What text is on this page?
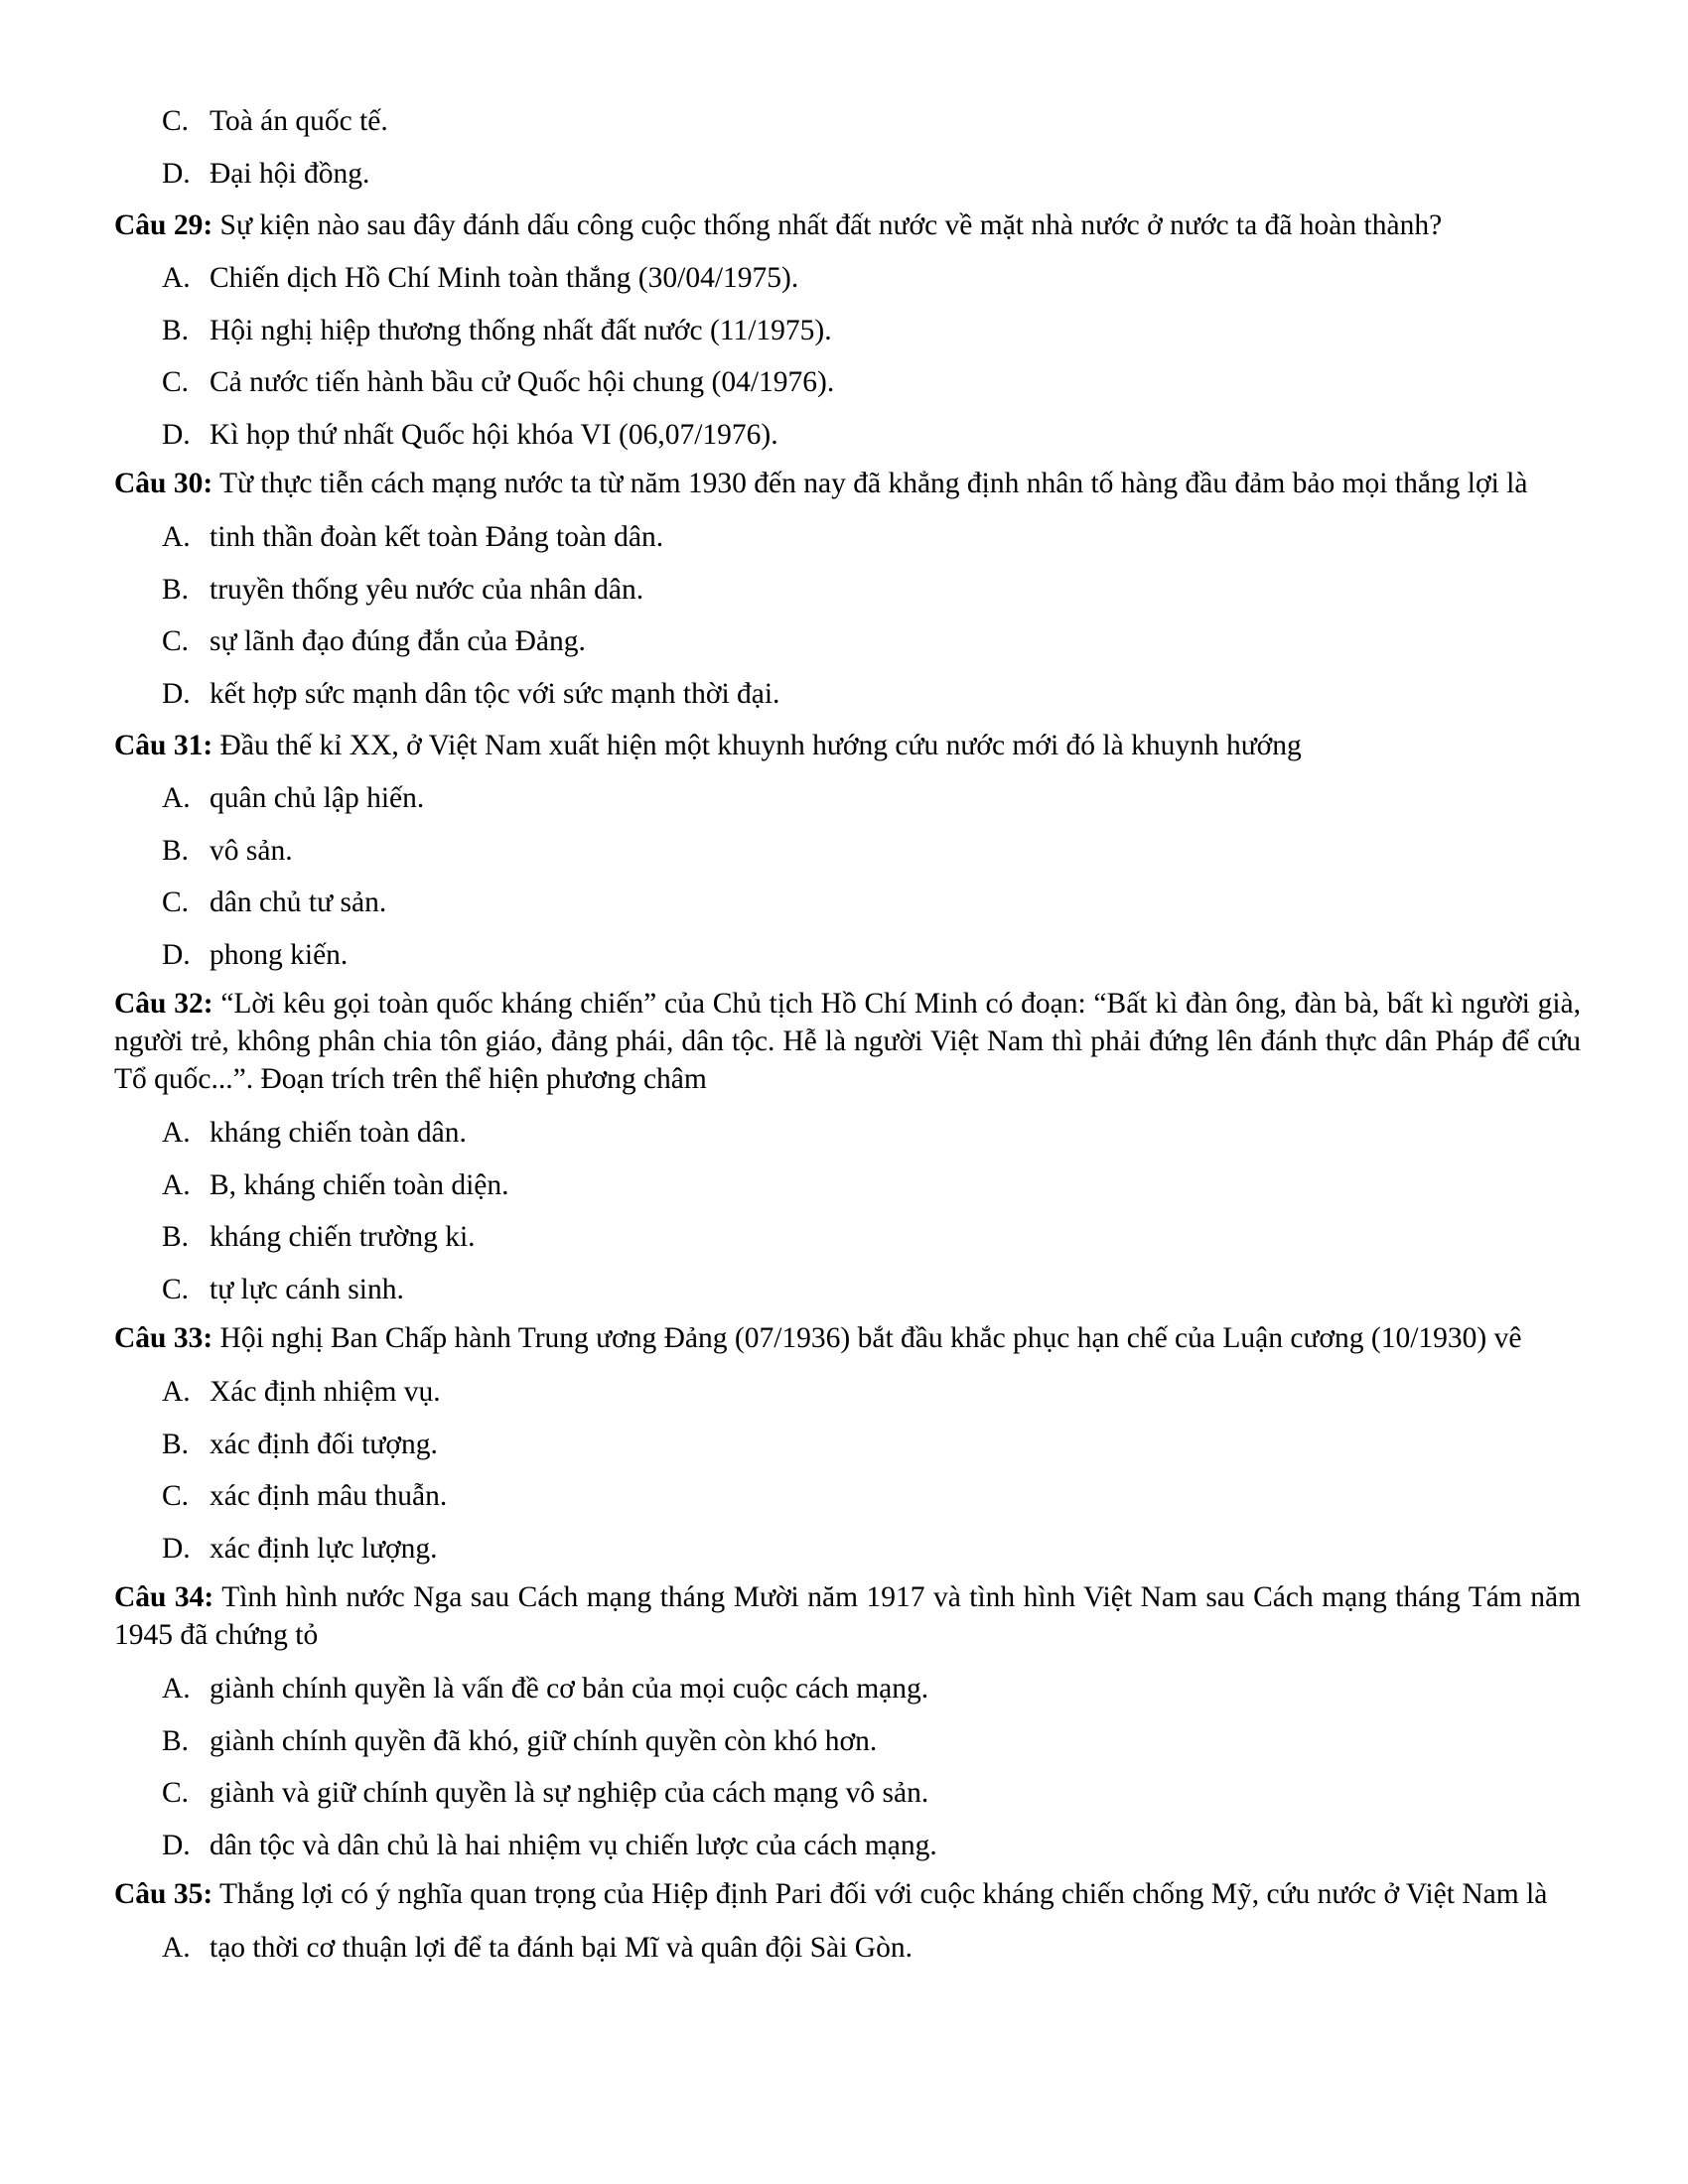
C. Toà án quốc tế.
D. Đại hội đồng.
Câu 29: Sự kiện nào sau đây đánh dấu công cuộc thống nhất đất nước về mặt nhà nước ở nước ta đã hoàn thành?
A. Chiến dịch Hồ Chí Minh toàn thắng (30/04/1975).
B. Hội nghị hiệp thương thống nhất đất nước (11/1975).
C. Cả nước tiến hành bầu cử Quốc hội chung (04/1976).
D. Kì họp thứ nhất Quốc hội khóa VI (06,07/1976).
Câu 30: Từ thực tiễn cách mạng nước ta từ năm 1930 đến nay đã khẳng định nhân tố hàng đầu đảm bảo mọi thắng lợi là
A. tinh thần đoàn kết toàn Đảng toàn dân.
B. truyền thống yêu nước của nhân dân.
C. sự lãnh đạo đúng đắn của Đảng.
D. kết hợp sức mạnh dân tộc với sức mạnh thời đại.
Câu 31: Đầu thế kỉ XX, ở Việt Nam xuất hiện một khuynh hướng cứu nước mới đó là khuynh hướng
A. quân chủ lập hiến.
B. vô sản.
C. dân chủ tư sản.
D. phong kiến.
Câu 32: “Lời kêu gọi toàn quốc kháng chiến” của Chủ tịch Hồ Chí Minh có đoạn: “Bất kì đàn ông, đàn bà, bất kì người già, người trẻ, không phân chia tôn giáo, đảng phái, dân tộc. Hễ là người Việt Nam thì phải đứng lên đánh thực dân Pháp để cứu Tổ quốc...”. Đoạn trích trên thể hiện phương châm
A. kháng chiến toàn dân.
A. B, kháng chiến toàn diện.
B. kháng chiến trường ki.
C. tự lực cánh sinh.
Câu 33: Hội nghị Ban Chấp hành Trung ương Đảng (07/1936) bắt đầu khắc phục hạn chế của Luận cương (10/1930) vê
A. Xác định nhiệm vụ.
B. xác định đối tượng.
C. xác định mâu thuẫn.
D. xác định lực lượng.
Câu 34: Tình hình nước Nga sau Cách mạng tháng Mười năm 1917 và tình hình Việt Nam sau Cách mạng tháng Tám năm 1945 đã chứng tỏ
A. giành chính quyền là vấn đề cơ bản của mọi cuộc cách mạng.
B. giành chính quyền đã khó, giữ chính quyền còn khó hơn.
C. giành và giữ chính quyền là sự nghiệp của cách mạng vô sản.
D. dân tộc và dân chủ là hai nhiệm vụ chiến lược của cách mạng.
Câu 35: Thắng lợi có ý nghĩa quan trọng của Hiệp định Pari đối với cuộc kháng chiến chống Mỹ, cứu nước ở Việt Nam là
A. tạo thời cơ thuận lợi để ta đánh bại Mĩ và quân đội Sài Gòn.
